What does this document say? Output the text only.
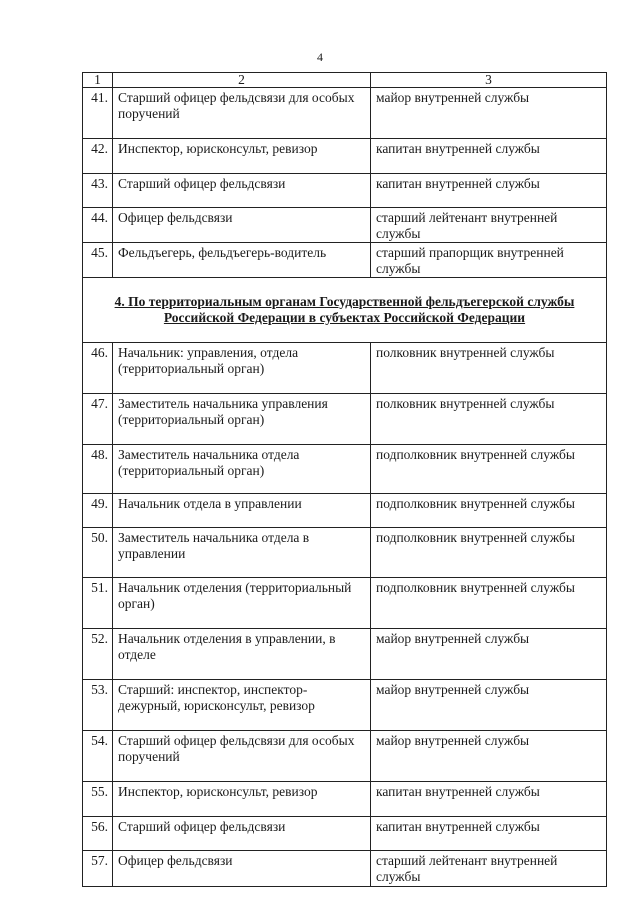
4
1	2	3
41.	Старший офицер фельдсвязи для особых поручений	майор внутренней службы
42.	Инспектор, юрисконсульт, ревизор	капитан внутренней службы
43.	Старший офицер фельдсвязи	капитан внутренней службы
44.	Офицер фельдсвязи	старший лейтенант внутренней службы
45.	Фельдъегерь, фельдъегерь-водитель	старший прапорщик внутренней службы
4. По территориальным органам Государственной фельдъегерской службы Российской Федерации в субъектах Российской Федерации		
46.	Начальник: управления, отдела (территориальный орган)	полковник внутренней службы
47.	Заместитель начальника управления (территориальный орган)	полковник внутренней службы
48.	Заместитель начальника отдела (территориальный орган)	подполковник внутренней службы
49.	Начальник отдела в управлении	подполковник внутренней службы
50.	Заместитель начальника отдела в управлении	подполковник внутренней службы
51.	Начальник отделения (территориальный орган)	подполковник внутренней службы
52.	Начальник отделения в управлении, в отделе	майор внутренней службы
53.	Старший: инспектор, инспектор-дежурный, юрисконсульт, ревизор	майор внутренней службы
54.	Старший офицер фельдсвязи для особых поручений	майор внутренней службы
55.	Инспектор, юрисконсульт, ревизор	капитан внутренней службы
56.	Старший офицер фельдсвязи	капитан внутренней службы
57.	Офицер фельдсвязи	старший лейтенант внутренней службы
